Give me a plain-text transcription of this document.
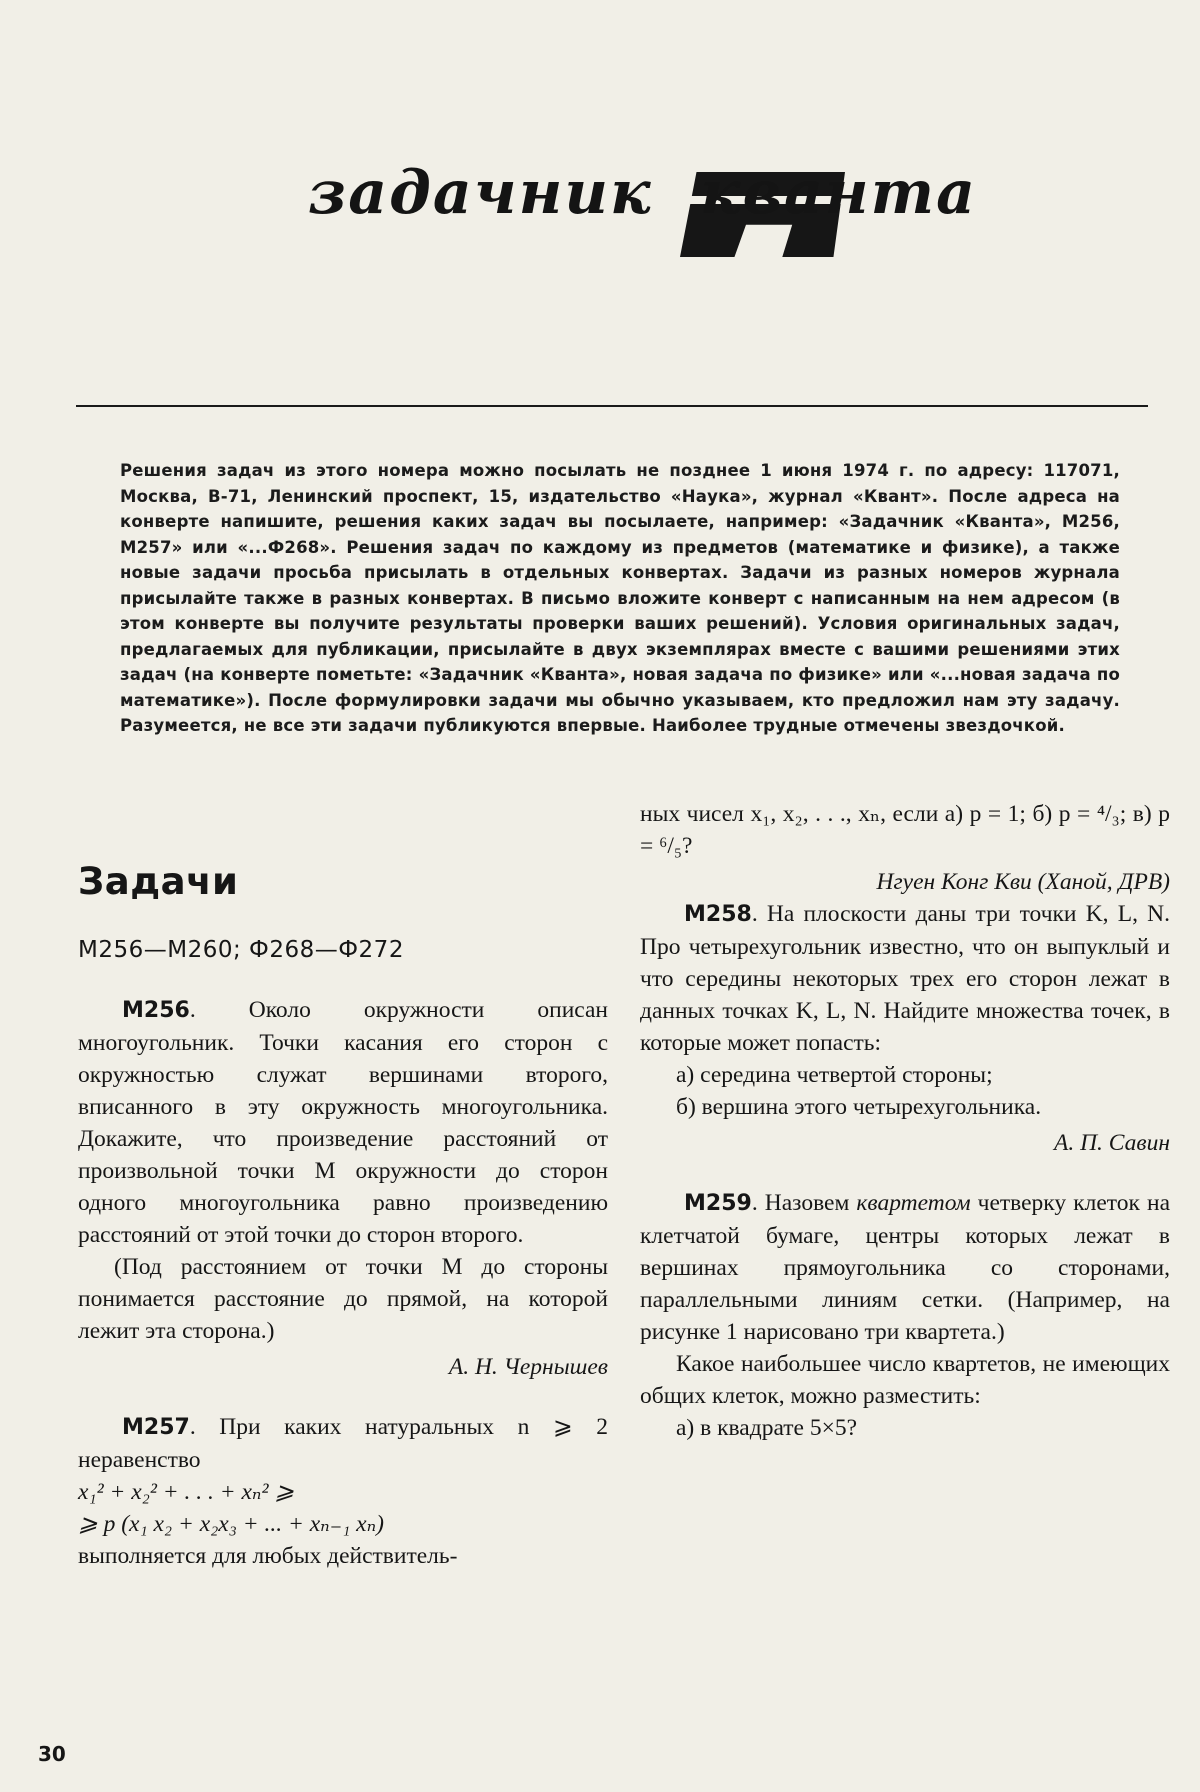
задачник кванта
Решения задач из этого номера можно посылать не позднее 1 июня 1974 г. по адресу: 117071, Москва, В-71, Ленинский проспект, 15, издательство «Наука», журнал «Квант». После адреса на конверте напишите, решения каких задач вы посылаете, например: «Задачник «Кванта», М256, М257» или «...Ф268». Решения задач по каждому из предметов (математике и физике), а также новые задачи просьба присылать в отдельных конвертах. Задачи из разных номеров журнала присылайте также в разных конвертах. В письмо вложите конверт с написанным на нем адресом (в этом конверте вы получите результаты проверки ваших решений). Условия оригинальных задач, предлагаемых для публикации, присылайте в двух экземплярах вместе с вашими решениями этих задач (на конверте пометьте: «Задачник «Кванта», новая задача по физике» или «...новая задача по математике»). После формулировки задачи мы обычно указываем, кто предложил нам эту задачу. Разумеется, не все эти задачи публикуются впервые. Наиболее трудные отмечены звездочкой.
Задачи
М256—М260; Ф268—Ф272

М256. Около окружности описан многоугольник. Точки касания его сторон с окружностью служат вершинами второго, вписанного в эту окружность многоугольника. Докажите, что произведение расстояний от произвольной точки M окружности до сторон одного многоугольника равно произведению расстояний от этой точки до сторон второго.

(Под расстоянием от точки M до стороны понимается расстояние до прямой, на которой лежит эта сторона.)

А. Н. Чернышев

М257. При каких натуральных n ⩾ 2 неравенство

x₁² + x₂² + . . . + xₙ² ⩾

⩾ p (x₁ x₂ + x₂x₃ + ... + xₙ₋₁ xₙ)

выполняется для любых действитель-

ных чисел x₁, x₂, . . ., xₙ, если а) p = 1; б) p = ⁴/₃; в) p = ⁶/₅?

Нгуен Конг Кви (Ханой, ДРВ)

М258. На плоскости даны три точки K, L, N. Про четырехугольник известно, что он выпуклый и что середины некоторых трех его сторон лежат в данных точках K, L, N. Найдите множества точек, в которые может попасть:

а) середина четвертой стороны;

б) вершина этого четырехугольника.

А. П. Савин

М259. Назовем квартетом четверку клеток на клетчатой бумаге, центры которых лежат в вершинах прямоугольника со сторонами, параллельными линиям сетки. (Например, на рисунке 1 нарисовано три квартета.)

Какое наибольшее число квартетов, не имеющих общих клеток, можно разместить:

а) в квадрате 5×5?

30
